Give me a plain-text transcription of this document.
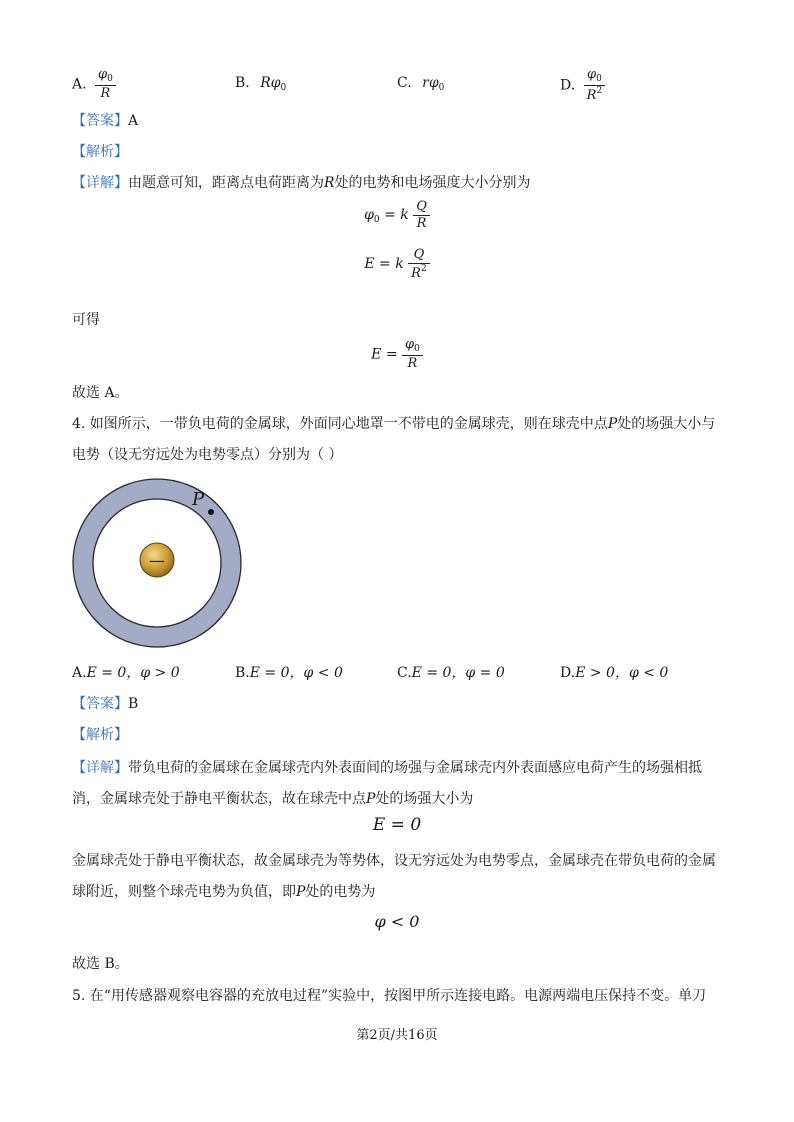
A. $\frac{\varphi_0}{R}$	B. $R\varphi_0$	C. $r\varphi_0$	D. $\frac{\varphi_0}{R^2}$
【答案】A
【解析】
【详解】由题意可知，距离点电荷距离为R处的电势和电场强度大小分别为
$\varphi_0 = k \frac{Q}{R}$
E = k $\frac{Q}{R^2}$
可得
$E = \frac{\varphi_0}{R}$
故选 A。
4. 如图所示，一带负电荷的金属球，外面同心地罩一不带电的金属球壳，则在球壳中点P处的场强大小与
电势（设无穷远处为电势零点）分别为（ ）
—
P
A.E = 0，φ > 0	B.E = 0，φ < 0	C.E = 0，φ = 0	D.E > 0，φ < 0
【答案】B
【解析】
【详解】带负电荷的金属球在金属球壳内外表面间的场强与金属球壳内外表面感应电荷产生的场强相抵
消，金属球壳处于静电平衡状态，故在球壳中点P处的场强大小为
E = 0
金属球壳处于静电平衡状态，故金属球壳为等势体，设无穷远处为电势零点，金属球壳在带负电荷的金属
球附近，则整个球壳电势为负值，即P处的电势为
φ < 0
故选 B。
5. 在“用传感器观察电容器的充放电过程”实验中，按图甲所示连接电路。电源两端电压保持不变。单刀
第2页/共16页
